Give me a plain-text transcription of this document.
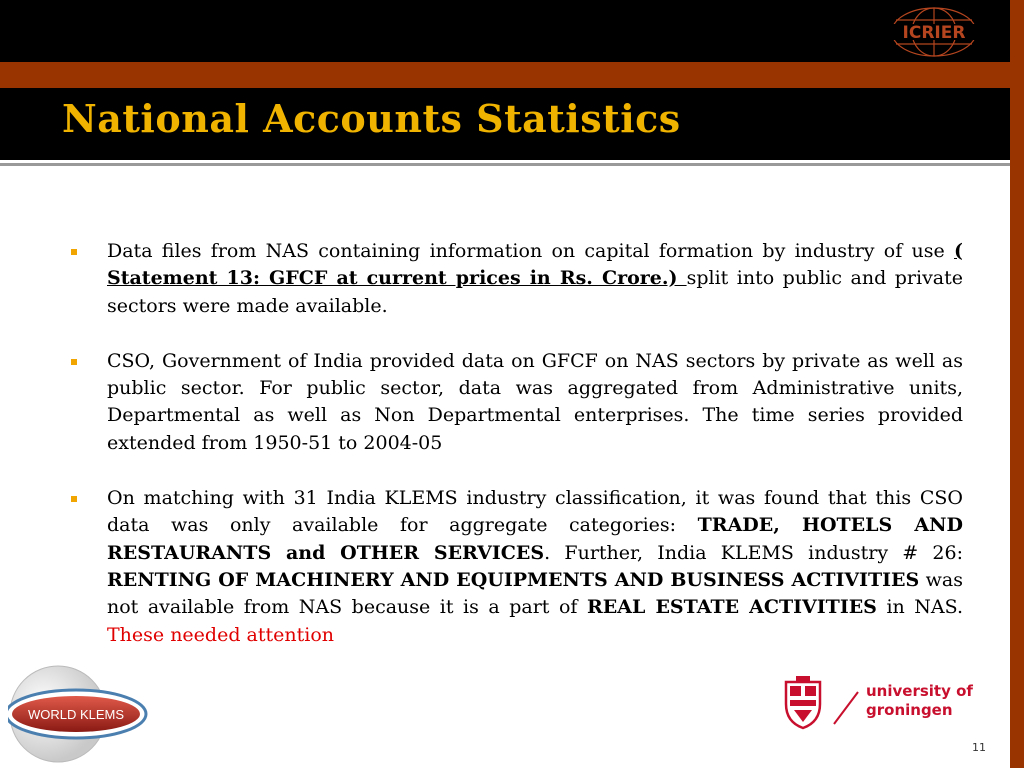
National Accounts Statistics
ICRIER

Data files from NAS containing information on capital formation by industry of use ( Statement 13: GFCF at current prices in Rs. Crore.) split into public and private sectors were made available.

CSO, Government of India provided data on GFCF on NAS sectors by private as well as public sector. For public sector, data was aggregated from Administrative units, Departmental as well as Non Departmental enterprises. The time series provided extended from 1950-51 to 2004-05

On matching with 31 India KLEMS industry classification, it was found that this CSO data was only available for aggregate categories: TRADE, HOTELS AND RESTAURANTS and OTHER SERVICES. Further, India KLEMS industry # 26: RENTING OF MACHINERY AND EQUIPMENTS AND BUSINESS ACTIVITIES was not available from NAS because it is a part of REAL ESTATE ACTIVITIES in NAS. These needed attention

WORLD KLEMS
university of
groningen
11
